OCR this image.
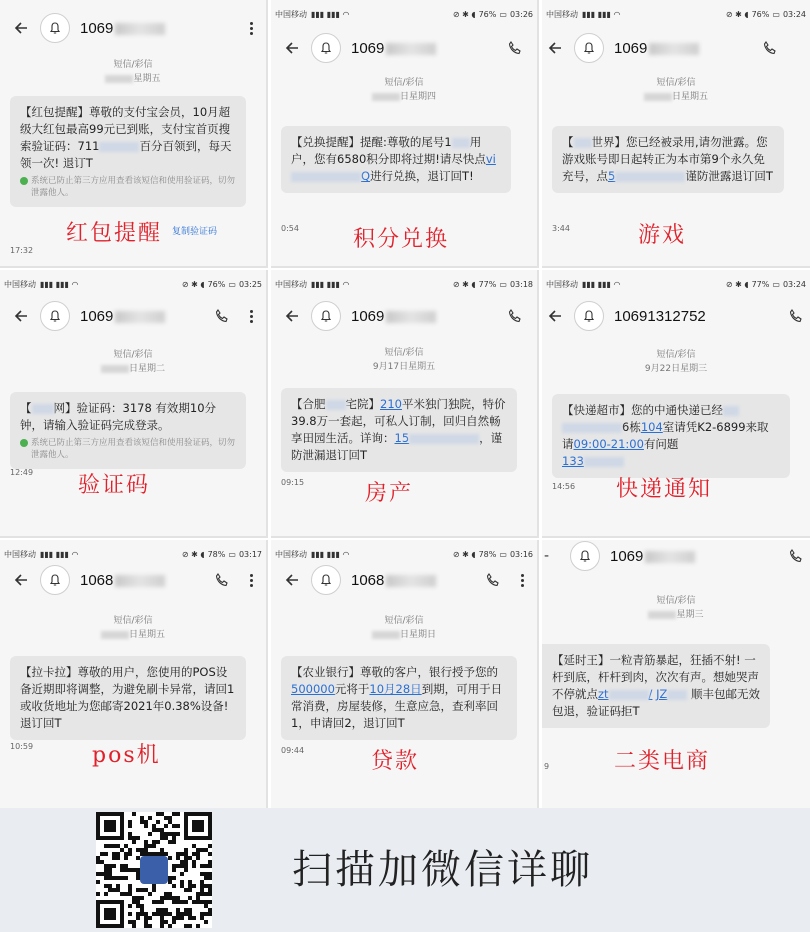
1069
短信/彩信
星期五
【红包提醒】尊敬的支付宝会员，10月超级大红包最高99元已到账，支付宝首页搜索验证码：711	百分百领到，每天领一次! 退订T
系统已防止第三方应用查看该短信和使用验证码，切勿泄露他人。
复制验证码
17:32
红包提醒
中国移动 ▮▮▮ ▮▮▮ ◠	⊘ ✱ ◖ 76% ▭ 03:26
1069
短信/彩信
日星期四
【兑换提醒】提醒:尊敬的尾号1 用户，您有6580积分即将过期!请尽快点viQ进行兑换，退订回T!
0:54 积分兑换
中国移动 ▮▮▮ ▮▮▮ ◠	⊘ ✱ ◖ 76% ▭ 03:24
1069
短信/彩信
日星期五
【 世界】您已经被录用,请勿泄露。您游戏账号即日起转正为本市第9个永久免充号，点5	谨防泄露退订回T
3:44	游戏
中国移动 ▮▮▮ ▮▮▮ ◠	⊘ ✱ ◖ 76% ▭ 03:25
1069
短信/彩信
日星期二
【 网】验证码：3178 有效期10分钟，请输入验证码完成登录。
系统已防止第三方应用查看该短信和使用验证码，切勿泄露他人。
12:49
验证码
中国移动 ▮▮▮ ▮▮▮ ◠	⊘ ✱ ◖ 77% ▭ 03:18
1069
短信/彩信
9月17日星期五
【合肥 宅院】210平米独门独院，特价39.8万一套起，可私人订制，回归自然畅享田园生活。详询：15	，谨防泄漏退订回T
09:15	房产
中国移动 ▮▮▮ ▮▮▮ ◠	⊘ ✱ ◖ 77% ▭ 03:24
10691312752
短信/彩信
9月22日星期三
【快递超市】您的中通快递已经6栋104室请凭K2-6899来取请09:00-21:00有问题
133
14:56 快递通知
中国移动 ▮▮▮ ▮▮▮ ◠	⊘ ✱ ◖ 78% ▭ 03:17
1068
短信/彩信
日星期五
【拉卡拉】尊敬的用户，您使用的POS设备近期即将调整，为避免刷卡异常，请回1或收货地址为您邮寄2021年0.38%设备! 退订回T
10:59	pos机
中国移动 ▮▮▮ ▮▮▮ ◠	⊘ ✱ ◖ 78% ▭ 03:16
1068
短信/彩信
日星期日
【农业银行】尊敬的客户，银行授予您的500000元将于10月28日到期，可用于日常消费，房屋装修，生意应急，查利率回1，申请回2，退订回T
09:44	贷款
-	1069
短信/彩信
星期三
【延时王】一粒青筋暴起，狂插不射! 一杆到底，杆杆到肉，次次有声。想她哭声不停就点zt	/ JZ 顺丰包邮无效包退，验证码拒T
9	二类电商
扫描加微信详聊
